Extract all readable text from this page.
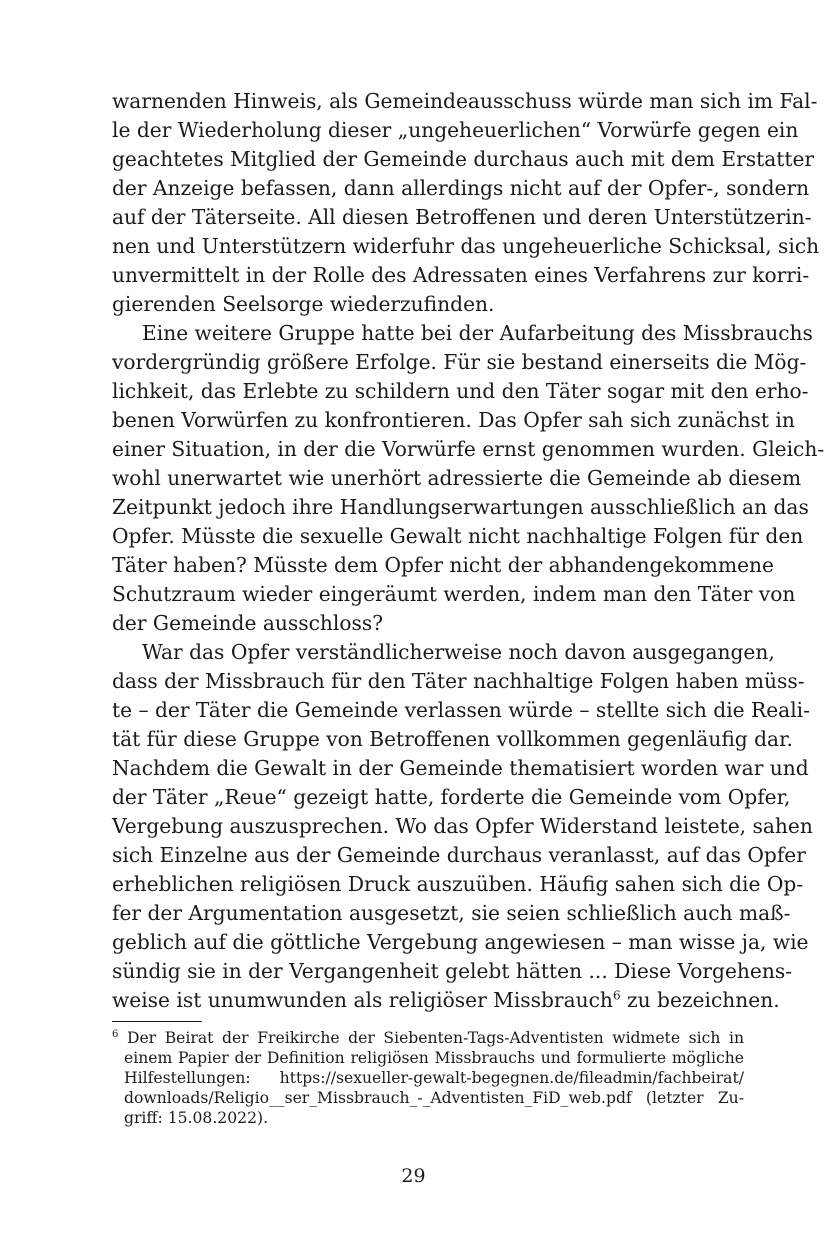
warnenden Hinweis, als Gemeindeausschuss würde man sich im Fal-
le der Wiederholung dieser „ungeheuerlichen“ Vorwürfe gegen ein
geachtetes Mitglied der Gemeinde durchaus auch mit dem Erstatter
der Anzeige befassen, dann allerdings nicht auf der Opfer-, sondern
auf der Täterseite. All diesen Betroffenen und deren Unterstützerin-
nen und Unterstützern widerfuhr das ungeheuerliche Schicksal, sich
unvermittelt in der Rolle des Adressaten eines Verfahrens zur korri-
gierenden Seelsorge wiederzufinden.
Eine weitere Gruppe hatte bei der Aufarbeitung des Missbrauchs
vordergründig größere Erfolge. Für sie bestand einerseits die Mög-
lichkeit, das Erlebte zu schildern und den Täter sogar mit den erho-
benen Vorwürfen zu konfrontieren. Das Opfer sah sich zunächst in
einer Situation, in der die Vorwürfe ernst genommen wurden. Gleich-
wohl unerwartet wie unerhört adressierte die Gemeinde ab diesem
Zeitpunkt jedoch ihre Handlungserwartungen ausschließlich an das
Opfer. Müsste die sexuelle Gewalt nicht nachhaltige Folgen für den
Täter haben? Müsste dem Opfer nicht der abhandengekommene
Schutzraum wieder eingeräumt werden, indem man den Täter von
der Gemeinde ausschloss?
War das Opfer verständlicherweise noch davon ausgegangen,
dass der Missbrauch für den Täter nachhaltige Folgen haben müss-
te – der Täter die Gemeinde verlassen würde – stellte sich die Reali-
tät für diese Gruppe von Betroffenen vollkommen gegenläufig dar.
Nachdem die Gewalt in der Gemeinde thematisiert worden war und
der Täter „Reue“ gezeigt hatte, forderte die Gemeinde vom Opfer,
Vergebung auszusprechen. Wo das Opfer Widerstand leistete, sahen
sich Einzelne aus der Gemeinde durchaus veranlasst, auf das Opfer
erheblichen religiösen Druck auszuüben. Häufig sahen sich die Op-
fer der Argumentation ausgesetzt, sie seien schließlich auch maß-
geblich auf die göttliche Vergebung angewiesen – man wisse ja, wie
sündig sie in der Vergangenheit gelebt hätten ... Diese Vorgehens-
weise ist unumwunden als religiöser Missbrauch$^6$ zu bezeichnen.
$^6$ Der Beirat der Freikirche der Siebenten-Tags-Adventisten widmete sich in
einem Papier der Definition religiösen Missbrauchs und formulierte mögliche
Hilfestellungen: https://sexueller-gewalt-begegnen.de/fileadmin/fachbeirat/
downloads/Religio__ser_Missbrauch_-_Adventisten_FiD_web.pdf (letzter Zu-
griff: 15.08.2022).
29
